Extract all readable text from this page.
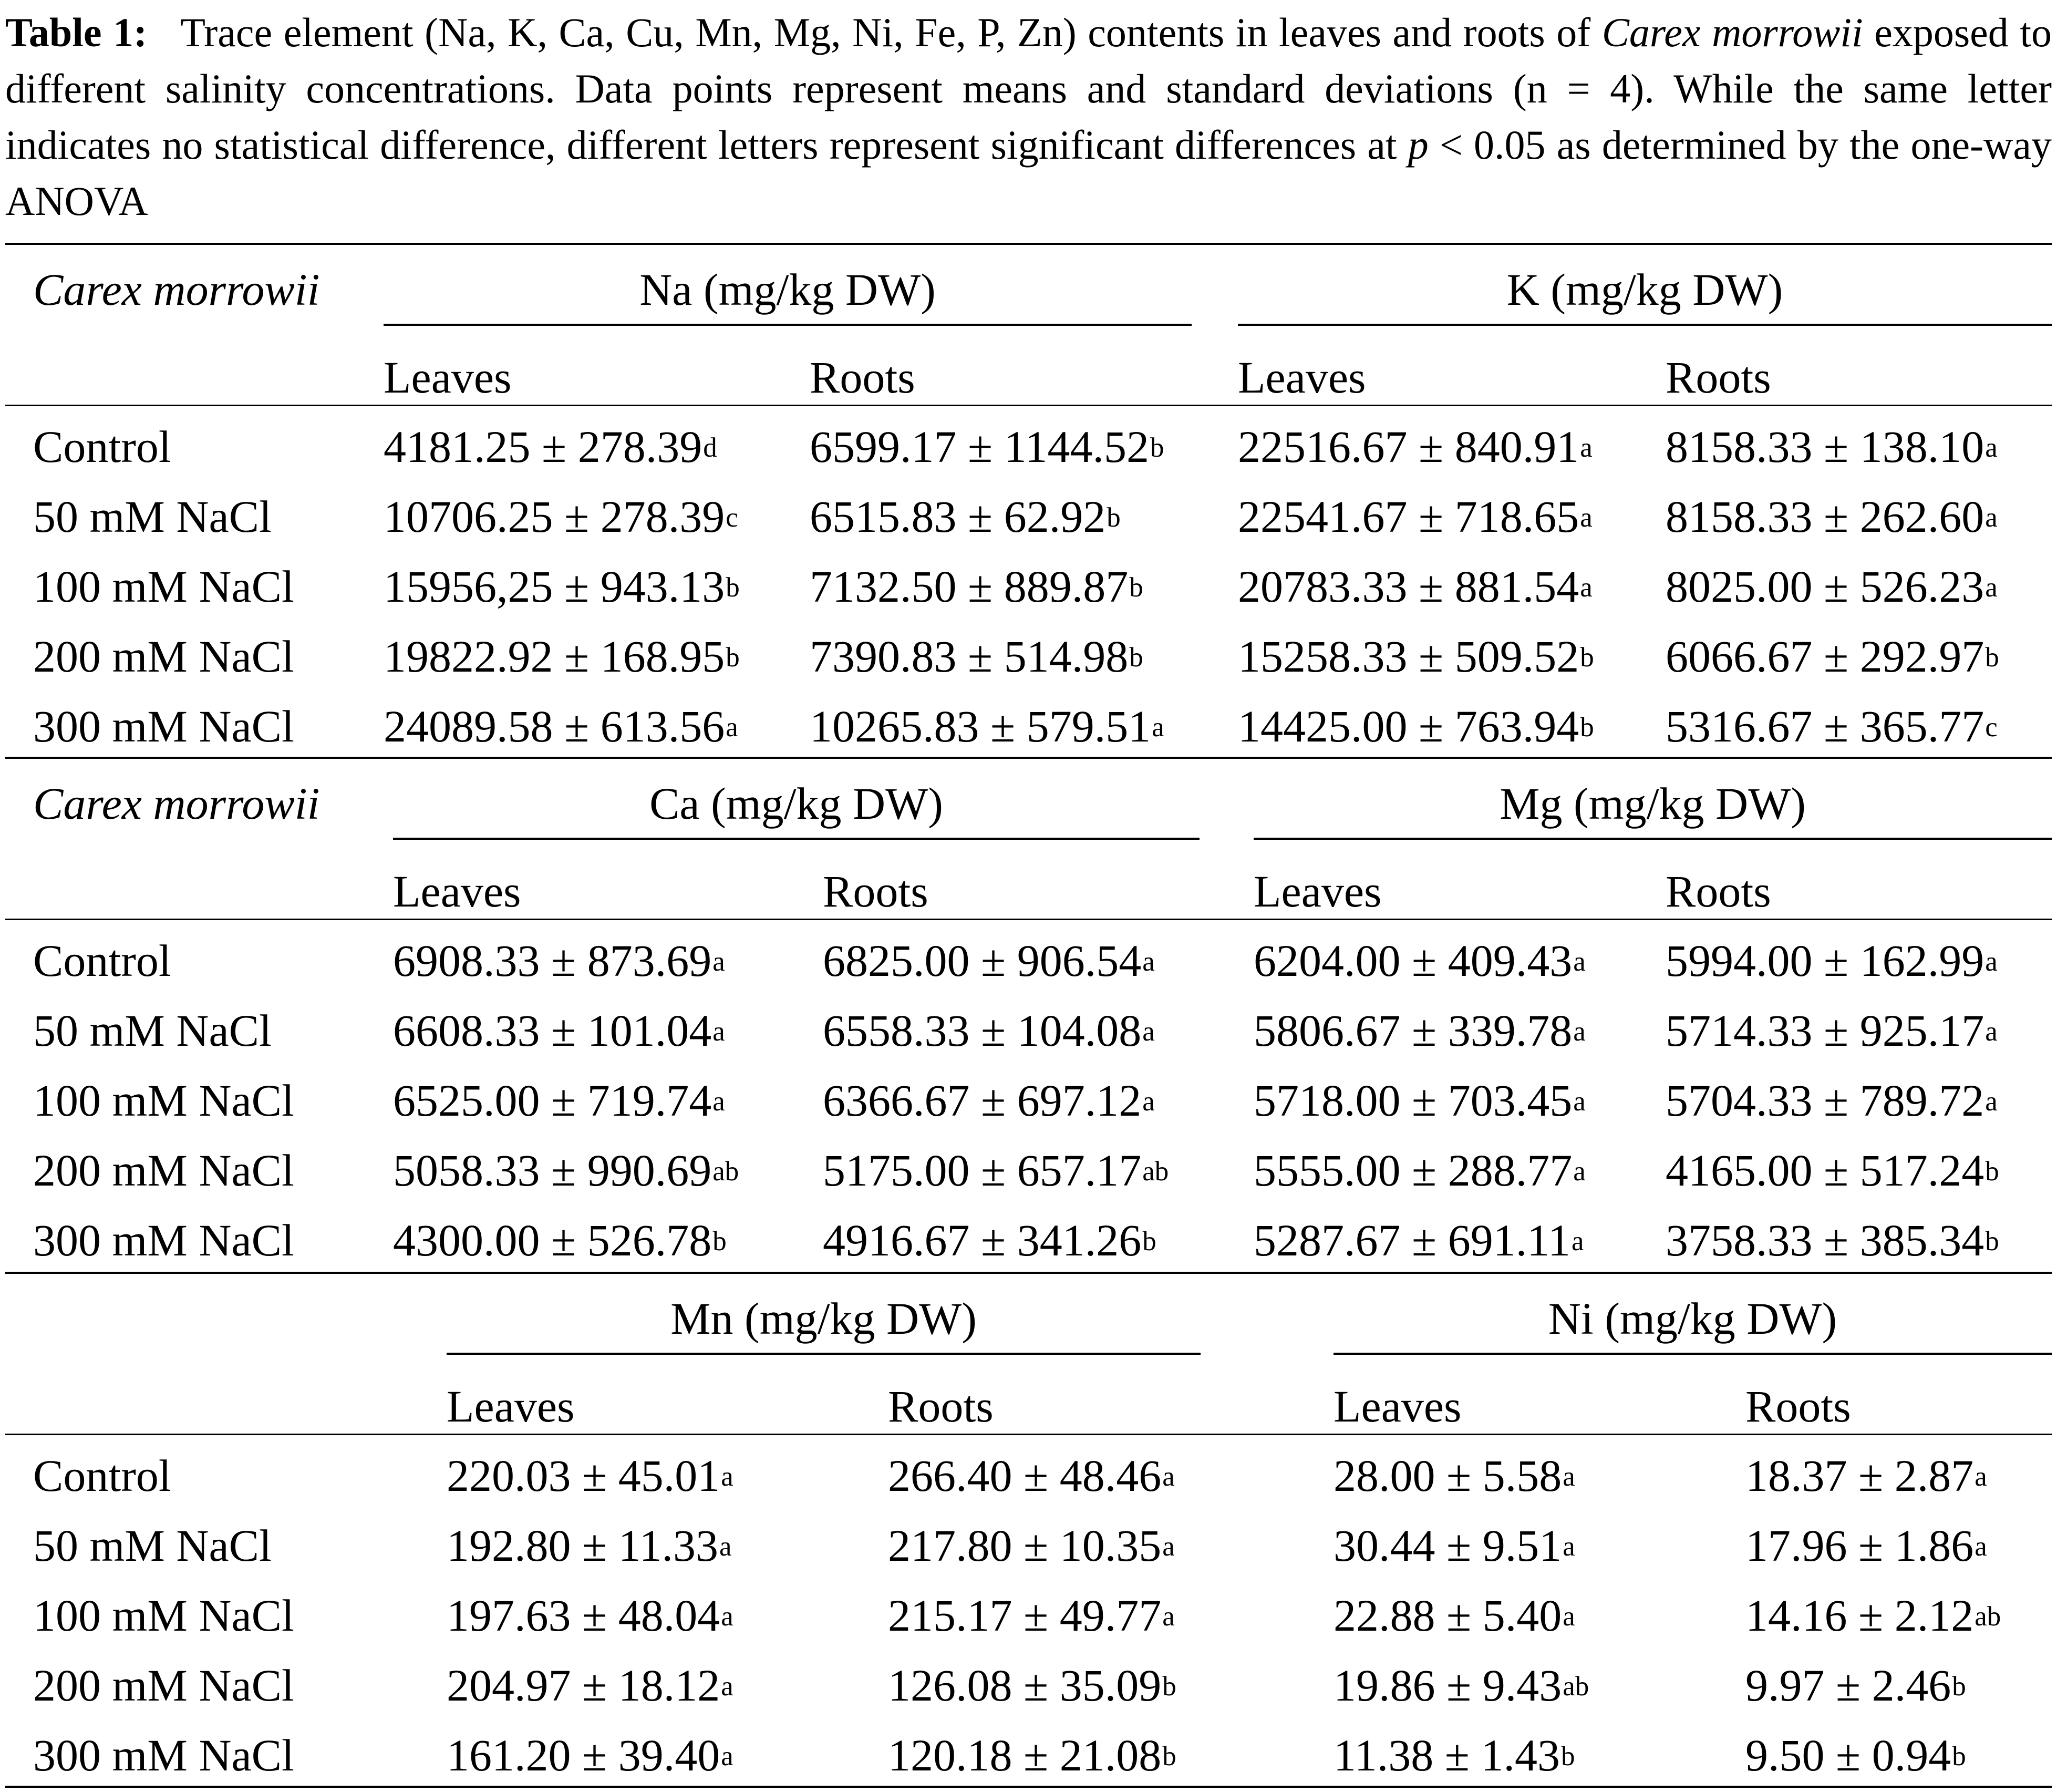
Table 1: Trace element (Na, K, Ca, Cu, Mn, Mg, Ni, Fe, P, Zn) contents in leaves and roots of Carex morrowii exposed to different salinity concentrations. Data points represent means and standard deviations (n = 4). While the same letter indicates no statistical difference, different letters represent significant differences at p < 0.05 as determined by the one-way ANOVA
Carex morrowii	Na (mg/kg DW)	K (mg/kg DW)
Leaves	Roots	Leaves	Roots
Control	4181.25 ± 278.39$^d$ 6599.17 ± 1144.52$^b$ 22516.67 ± 840.91$^a$ 8158.33 ± 138.10$^a$
50 mM NaCl 10706.25 ± 278.39$^c$ 6515.83 ± 62.92$^b$	22541.67 ± 718.65$^a$ 8158.33 ± 262.60$^a$
100 mM NaCl 15956,25 ± 943.13$^b$ 7132.50 ± 889.87$^b$ 20783.33 ± 881.54$^a$ 8025.00 ± 526.23$^a$
200 mM NaCl 19822.92 ± 168.95$^b$ 7390.83 ± 514.98$^b$ 15258.33 ± 509.52$^b$ 6066.67 ± 292.97$^b$
300 mM NaCl 24089.58 ± 613.56$^a$ 10265.83 ± 579.51$^a$ 14425.00 ± 763.94$^b$ 5316.67 ± 365.77$^c$
Carex morrowii	Ca (mg/kg DW)	Mg (mg/kg DW)
Leaves	Roots	Leaves	Roots
Control	6908.33 ± 873.69$^a$ 6825.00 ± 906.54$^a$ 6204.00 ± 409.43$^a$ 5994.00 ± 162.99$^a$
50 mM NaCl	6608.33 ± 101.04$^a$ 6558.33 ± 104.08$^a$ 5806.67 ± 339.78$^a$ 5714.33 ± 925.17$^a$
100 mM NaCl 6525.00 ± 719.74$^a$ 6366.67 ± 697.12$^a$ 5718.00 ± 703.45$^a$ 5704.33 ± 789.72$^a$
200 mM NaCl 5058.33 ± 990.69$^{ab}$ 5175.00 ± 657.17$^{ab}$ 5555.00 ± 288.77$^a$ 4165.00 ± 517.24$^b$
300 mM NaCl 4300.00 ± 526.78$^b$ 4916.67 ± 341.26$^b$ 5287.67 ± 691.11$^a$ 3758.33 ± 385.34$^b$
Mn (mg/kg DW)	Ni (mg/kg DW)
Leaves	Roots	Leaves	Roots
Control	220.03 ± 45.01$^a$	266.40 ± 48.46$^a$	28.00 ± 5.58$^a$	18.37 ± 2.87$^a$
50 mM NaCl	192.80 ± 11.33$^a$	217.80 ± 10.35$^a$	30.44 ± 9.51$^a$	17.96 ± 1.86$^a$
100 mM NaCl	197.63 ± 48.04$^a$	215.17 ± 49.77$^a$	22.88 ± 5.40$^a$	14.16 ± 2.12$^{ab}$
200 mM NaCl	204.97 ± 18.12$^a$	126.08 ± 35.09$^b$	19.86 ± 9.43$^{ab}$	9.97 ± 2.46$^b$
300 mM NaCl	161.20 ± 39.40$^a$	120.18 ± 21.08$^b$	11.38 ± 1.43$^b$	9.50 ± 0.94$^b$
